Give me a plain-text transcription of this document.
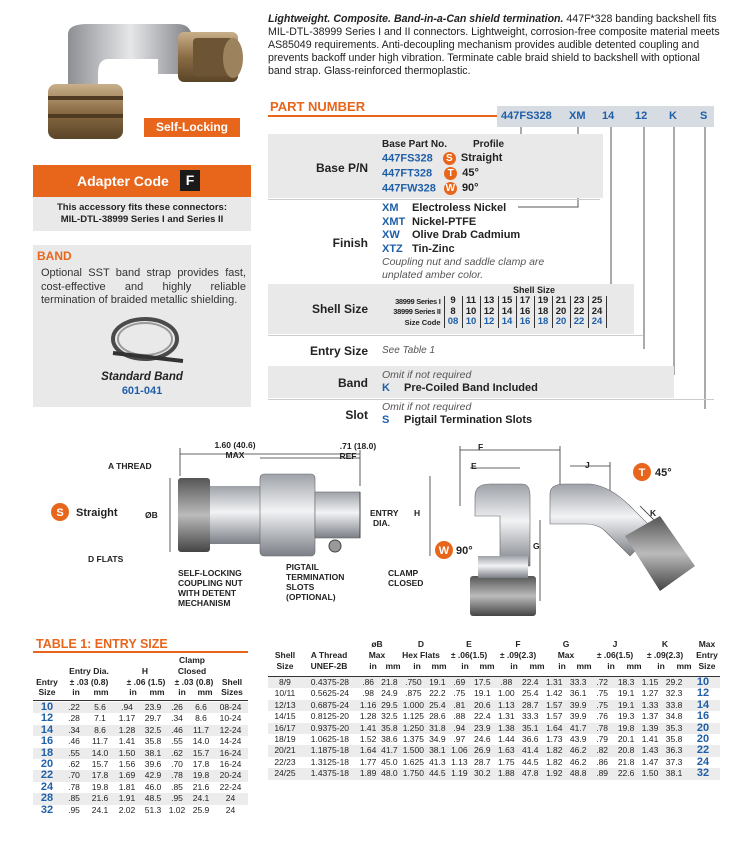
Self-Locking
Adapter Code	F
This accessory fits these connectors:
MIL-DTL-38999 Series I and Series II
BAND
Optional SST band strap provides fast, cost-effective and highly reliable termination of braided metallic shielding.
Standard Band
601-041
Lightweight. Composite. Band-in-a-Can shield termination. 447F*328 banding backshell fits MIL-DTL-38999 Series I and II connectors. Lightweight, corrosion-free composite material meets AS85049 requirements. Anti-decoupling mechanism provides audible detented coupling and prevents backoff under high vibration. Terminate cable braid shield to backshell with optional band strap. Glass-reinforced thermoplastic.
PART NUMBER
447FS328 XM 14 12 K S
Base P/N
Base Part No.	Profile
447FS328 S Straight
447FT328 T 45°
447FW328 W 90°
Finish
XM Electroless Nickel
XMT Nickel-PTFE
XW Olive Drab Cadmium
XTZ Tin-Zinc
Coupling nut and saddle clamp are unplated amber color.
Shell Size
Shell Size
38999 Series I	9	11	13	15	17	19	21	23	25
38999 Series II	8	10	12	14	16	18	20	22	24
Size Code	08	10	12	14	16	18	20	22	24
Entry Size See Table 1
Band
Omit if not required
K Pre-Coiled Band Included
Slot
Omit if not required
S Pigtail Termination Slots
1.60 (40.6)
MAX
.71 (18.0)
REF
A THREAD
S Straight	ØB
D FLATS
ENTRY
DIA.
H
SELF-LOCKING COUPLING NUT WITH DETENT MECHANISM
PIGTAIL TERMINATION SLOTS (OPTIONAL)
CLAMP CLOSED
F
E
G
W 90°
J
K
T 45°
TABLE 1: ENTRY SIZE
Clamp
Entry Dia.	H	Closed
Shell
Entry	± .03 (0.8)	± .06 (1.5)	± .03 (0.8)
Size	in	mm	in	mm	in	mm	Sizes
10	.22	5.6	.94	23.9	.26	6.6	08-24
12	.28	7.1	1.17	29.7	.34	8.6	10-24
14	.34	8.6	1.28	32.5	.46	11.7	12-24
16	.46	11.7	1.41	35.8	.55	14.0	14-24
18	.55	14.0	1.50	38.1	.62	15.7	16-24
20	.62	15.7	1.56	39.6	.70	17.8	16-24
22	.70	17.8	1.69	42.9	.78	19.8	20-24
24	.78	19.8	1.81	46.0	.85	21.6	22-24
28	.85	21.6	1.91	48.5	.95	24.1	24
32	.95	24.1	2.02	51.3	1.02	25.9	24
øB	D	E	F	G	J	K	Max
Shell	A Thread	Max	Hex Flats	± .06(1.5)	± .09(2.3)	Max	± .06(1.5)	± .09(2.3)	Entry
Size	UNEF-2B	Size
in	mm	in	mm	in	mm	in	mm	in	mm	in	mm	in	mm
8/9	0.4375-28	.86	21.8	.750	19.1	.69	17.5	.88	22.4	1.31	33.3	.72	18.3	1.15	29.2	10
10/11	0.5625-24	.98	24.9	.875	22.2	.75	19.1	1.00	25.4	1.42	36.1	.75	19.1	1.27	32.3	12
12/13	0.6875-24	1.16	29.5	1.000	25.4	.81	20.6	1.13	28.7	1.57	39.9	.75	19.1	1.33	33.8	14
14/15	0.8125-20	1.28	32.5	1.125	28.6	.88	22.4	1.31	33.3	1.57	39.9	.76	19.3	1.37	34.8	16
16/17	0.9375-20	1.41	35.8	1.250	31.8	.94	23.9	1.38	35.1	1.64	41.7	.78	19.8	1.39	35.3	20
18/19	1.0625-18	1.52	38.6	1.375	34.9	.97	24.6	1.44	36.6	1.73	43.9	.79	20.1	1.41	35.8	20
20/21	1.1875-18	1.64	41.7	1.500	38.1	1.06	26.9	1.63	41.4	1.82	46.2	.82	20.8	1.43	36.3	22
22/23	1.3125-18	1.77	45.0	1.625	41.3	1.13	28.7	1.75	44.5	1.82	46.2	.86	21.8	1.47	37.3	24
24/25	1.4375-18	1.89	48.0	1.750	44.5	1.19	30.2	1.88	47.8	1.92	48.8	.89	22.6	1.50	38.1	32
